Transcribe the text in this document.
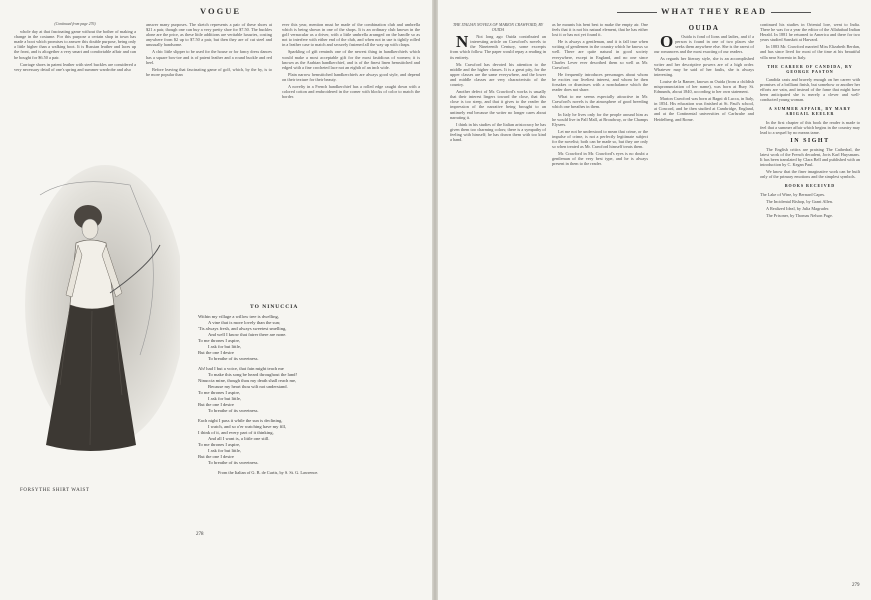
VOGUE

(Continued from page 276)

whole day at that fascinating game without the bother of making a change in the costume. For this purpose a certain shop in town has made a boot which promises to answer this double purpose, being only a little higher than a walking boot. It is Russian leather and laces up the front, and is altogether a very smart and comfortable affair and can be bought for $6.50 a pair.

Carriage shoes in patent leather with steel buckles are considered a very necessary detail of one's spring and summer wardrobe and also

answer many purposes. The sketch represents a pair of these shoes at $21 a pair, though one can buy a very pretty shoe for $7.50. The buckles alone are the price, as these little additions are veritable luxuries, costing anywhere from $2 up to $7.50 a pair, but then they are of cut steel and unusually handsome.

A chic little slipper to be used for the house or for fancy dress dances has a square box-toe and is of patent leather and a round buckle and red heel.

Before leaving that fascinating game of golf, which, by the by, is to be more popular than

ever this year, mention must be made of the combination club and umbrella which is being shown in one of the shops. It is an ordinary club known in the golf vernacular as a driver, with a little umbrella arranged on the handle so as not to interfere with either end of the club, and when not in use is tightly rolled in a leather case to match and securely fastened all the way up with clasps.

Sparkling of gift reminds one of the newest thing in handkerchiefs which would make a most acceptable gift for the most fastidious of women; it is known as the Arabian handkerchief, and is of the finest linen hemstitched and edged with a fine crocheted lace not an eighth of an inch wide.

Plain narrow hemstitched handkerchiefs are always good style, and depend on their texture for their beauty.

A novelty in a French handkerchief has a rolled edge caught down with a colored cotton and embroidered in the corner with blocks of color to match the border.

FORSYTHE SHIRT WAIST
TO NINUCCIA
Within my village a willow tree is dwelling,
A vine that is more lovely than the sun;
'Tis always fresh, and always sweetest smelling,
And well I know that fairer there are none.
To me thrones I aspire,
I ask for but little,
But the one I desire
To breathe of its sweetness.
Ah! had I but a voice, that fain might teach me
To make this song be heard throughout the land!
Ninuccia mine, though thou my death shall reach me,
Because my heart thou wilt not understand.
To me thrones I aspire,
I ask for but little,
But the one I desire
To breathe of its sweetness.
Each night I pass it while the sun is declining,
I watch, and so o'er watching have my fill,
I think of it, and every part of it thinking,
And all I want is, a little one still.
To me thrones I aspire,
I ask for but little,
But the one I desire
To breathe of its sweetness.
From the Italian of G. B. de Curtis, by S. St. G. Lawrence.
278
WHAT THEY READ
THE ITALIAN NOVELS OF MARION CRAWFORD, BY OUIDA

N Not long ago Ouida contributed an interesting article on Crawford's novels to the Nineteenth Century, some excerpts from which follow. The paper would repay a reading in its entirety.

Mr. Crawford has devoted his attention to the middle and the higher classes. It is a great pity, for the upper classes are the same everywhere, and the lower and middle classes are very characteristic of the country.

Another defect of Mr. Crawford's works is usually that their interest lingers toward the close, that this close is too steep, and that it gives to the reader the impression of the narrative being brought to an untimely end because the writer no longer cares about narrating it.

I think in his studies of the Italian aristocracy he has given them too charming colors; there is a sympathy of feeling with himself; he has drawn them with too kind a hand.

as he mounts his bent best to make the empty air. One feels that it is not his natural element, that he has either lost it or has not yet found it.

He is always a gentleman, and it is fall true when writing of gentlemen in the country which he knows so well. There are quite natural in good society everywhere, except in England, and no one since Charles Lever ever described them so well as Mr. Crawford.

He frequently introduces personages about whom he excites our liveliest interest, and whom he then forsakes or dismisses with a nonchalance which the reader does not share.

What to me seems especially attractive in Mr. Crawford's novels is the atmosphere of good breeding which one breathes in them.

In Italy he lives only for the people around him as he would live in Pall Mall, at Broadway, or the Champs Elysees.

Let me not be understood to mean that crime, or the impulse of crime, is not a perfectly legitimate subject for the novelist; both can be made so, but they are only so when treated as Mr. Crawford himself treats them.

Mr. Crawford in Mr. Crawford's eyes is no doubt a gentleman of the very best type, and he is always present in them to the reader.

OUIDA

O Ouida is fond of lions and ladies, and if a person is found in one of two places she seeks them anywhere else. She is the rarest of our romancers and the most exacting of our readers.

As regards her literary style, she is an accomplished writer and her descriptive powers are of a high order. Whatever may be said of her faults, she is always interesting.

Louise de la Ramee, known as Ouida (from a childish mispronunciation of her name), was born at Bury St. Edmunds, about 1840, according to her own statement.

Marion Crawford was born at Bagni di Lucca, in Italy, in 1854. His education was finished at St. Paul's school, at Concord, and he then studied at Cambridge, England, and at the Continental universities of Carlsruhe and Heidelberg, and Rome.

continued his studies in Oriental lore, went to India. There he was for a year the editor of the Allahabad Indian Herald. In 1881 he returned to America and there for two years studied Sanskrit at Harvard.

In 1883 Mr. Crawford married Miss Elizabeth Berdan, and has since lived for most of the time at his beautiful villa near Sorrento in Italy.

THE CAREER OF CANDIDA, BY GEORGE PASTON

Candida casts and bravely enough on her career with promises of a brilliant finish, but somehow or another her efforts are vain, and instead of the fame that might have been anticipated she is merely a clever and well-conducted young woman.

A SUMMER AFFAIR, BY MARY ABIGAIL KEELER

In the first chapter of this book the reader is made to feel that a summer affair which begins in the country may lead to a sequel by no means tame.

IN SIGHT

The English critics are praising The Cathedral, the latest work of the French decadent, Joris Karl Huysmans. It has been translated by Clara Bell and published with an introduction by C. Kegan Paul.

We know that the finer imaginative work can be built only of the primary emotions and the simplest symbols.

BOOKS RECEIVED

The Lake of Wine, by Bernard Capes.

The Incidental Bishop, by Grant Allen.

A Realized Ideal, by Julia Magruder.

The Prisoner, by Thomas Nelson Page.

279
